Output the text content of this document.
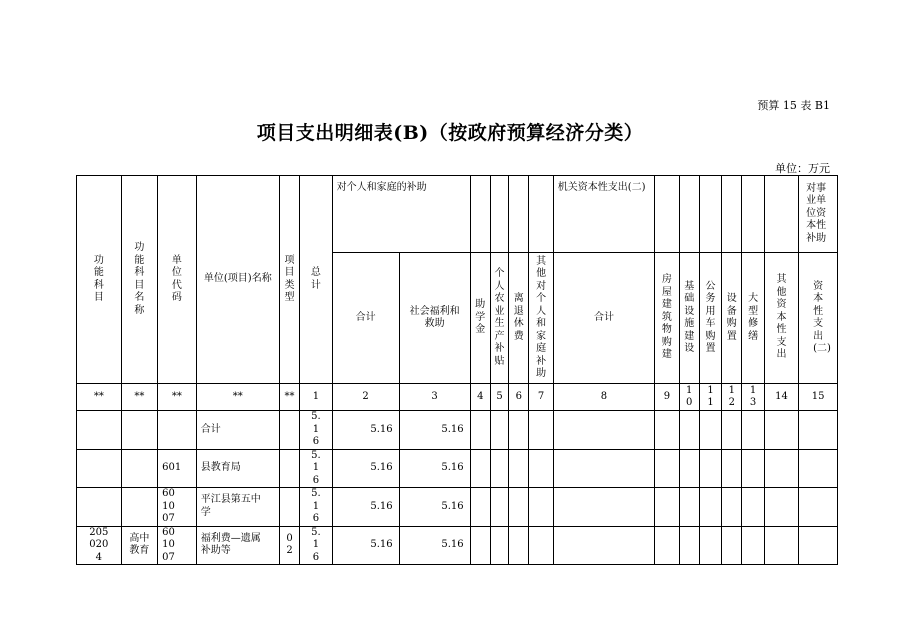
预算 15 表 B1
项目支出明细表(B)（按政府预算经济分类）
单位：万元
功能科目	功能科目名称	单位代码	单位(项目)名称	项目类型	总计	对个人和家庭的补助						机关资本性支出(二)							对事业单位资本性补助
						合计	社会福利和救助	助学金	个人农业生产补贴	离退休费	其他对个人和家庭补助	合计	房屋建筑物购建	基础设施建设	公务用车购置	设备购置	大型修缮	其他资本性支出	资本性支出(二)
**	**	**	**	**	1	2	3	4	5	6	7	8	9	10	11	12	13	14	15
			合计		5.16	5.16	5.16												
		601	县教育局		5.16	5.16	5.16												
		601007	平江县第五中学		5.16	5.16	5.16												
2050204	高中教育	601007	福利费—遗属补助等	02	5.16	5.16	5.16												
